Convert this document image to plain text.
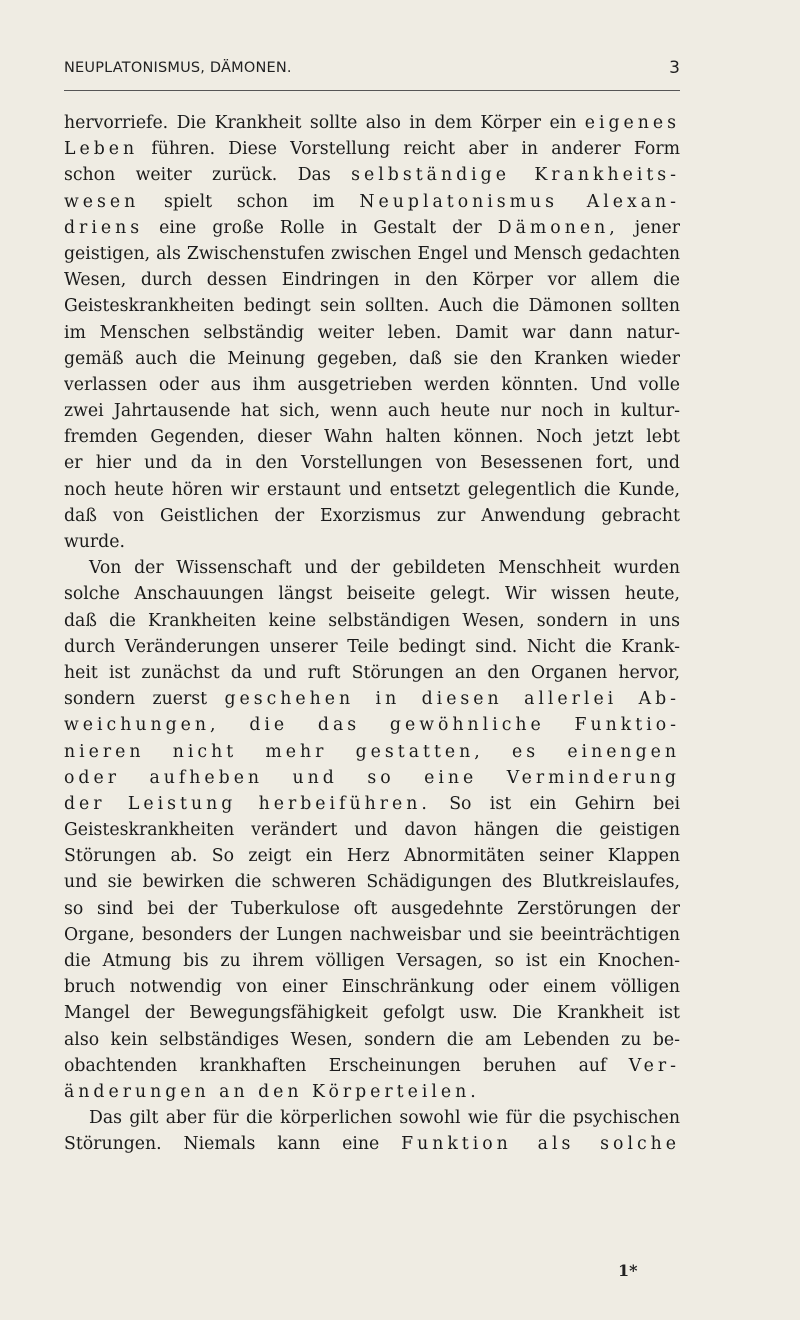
NEUPLATONISMUS, DÄMONEN.	3
hervorriefe. Die Krankheit sollte also in dem Körper ein eigenes
Leben führen. Diese Vorstellung reicht aber in anderer Form
schon weiter zurück. Das selbständige Krankheits-
wesen spielt schon im Neuplatonismus Alexan-
driens eine große Rolle in Gestalt der Dämonen, jener
geistigen, als Zwischenstufen zwischen Engel und Mensch gedachten
Wesen, durch dessen Eindringen in den Körper vor allem die
Geisteskrankheiten bedingt sein sollten. Auch die Dämonen sollten
im Menschen selbständig weiter leben. Damit war dann natur-
gemäß auch die Meinung gegeben, daß sie den Kranken wieder
verlassen oder aus ihm ausgetrieben werden könnten. Und volle
zwei Jahrtausende hat sich, wenn auch heute nur noch in kultur-
fremden Gegenden, dieser Wahn halten können. Noch jetzt lebt
er hier und da in den Vorstellungen von Besessenen fort, und
noch heute hören wir erstaunt und entsetzt gelegentlich die Kunde,
daß von Geistlichen der Exorzismus zur Anwendung gebracht
wurde.
Von der Wissenschaft und der gebildeten Menschheit wurden
solche Anschauungen längst beiseite gelegt. Wir wissen heute,
daß die Krankheiten keine selbständigen Wesen, sondern in uns
durch Veränderungen unserer Teile bedingt sind. Nicht die Krank-
heit ist zunächst da und ruft Störungen an den Organen hervor,
sondern zuerst geschehen in diesen allerlei Ab-
weichungen, die das gewöhnliche Funktio-
nieren nicht mehr gestatten, es einengen
oder aufheben und so eine Verminderung
der Leistung herbeiführen. So ist ein Gehirn bei
Geisteskrankheiten verändert und davon hängen die geistigen
Störungen ab. So zeigt ein Herz Abnormitäten seiner Klappen
und sie bewirken die schweren Schädigungen des Blutkreislaufes,
so sind bei der Tuberkulose oft ausgedehnte Zerstörungen der
Organe, besonders der Lungen nachweisbar und sie beeinträchtigen
die Atmung bis zu ihrem völligen Versagen, so ist ein Knochen-
bruch notwendig von einer Einschränkung oder einem völligen
Mangel der Bewegungsfähigkeit gefolgt usw. Die Krankheit ist
also kein selbständiges Wesen, sondern die am Lebenden zu be-
obachtenden krankhaften Erscheinungen beruhen auf Ver-
änderungen an den Körperteilen.
Das gilt aber für die körperlichen sowohl wie für die psychischen
Störungen. Niemals kann eine Funktion als solche
1*
